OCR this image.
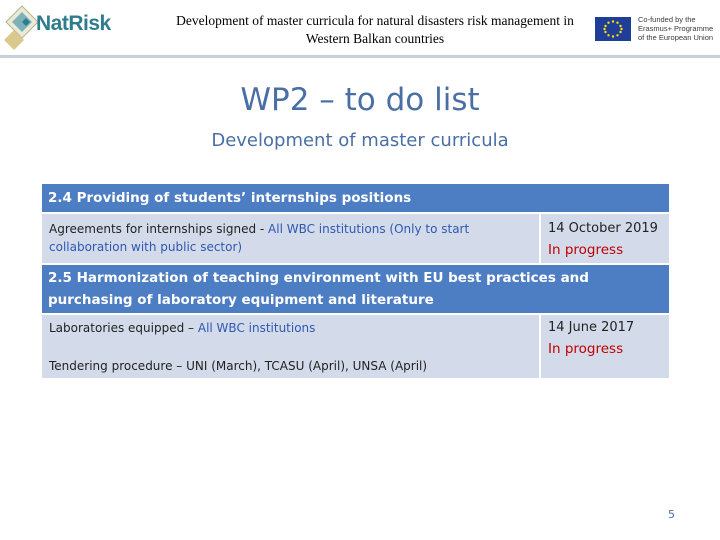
NatRisk	Development of master curricula for natural disasters risk management in
Western Balkan countries
Co-funded by the
Erasmus+ Programme
of the European Union
WP2 – to do list
Development of master curricula
2.4 Providing of students’ internships positions
Agreements for internships signed - All WBC institutions (Only to start collaboration with public sector)
14 October 2019
In progress
2.5 Harmonization of teaching environment with EU best practices and purchasing of laboratory equipment and literature
Laboratories equipped – All WBC institutions
Tendering procedure – UNI (March), TCASU (April), UNSA (April)
14 June 2017
In progress
5
